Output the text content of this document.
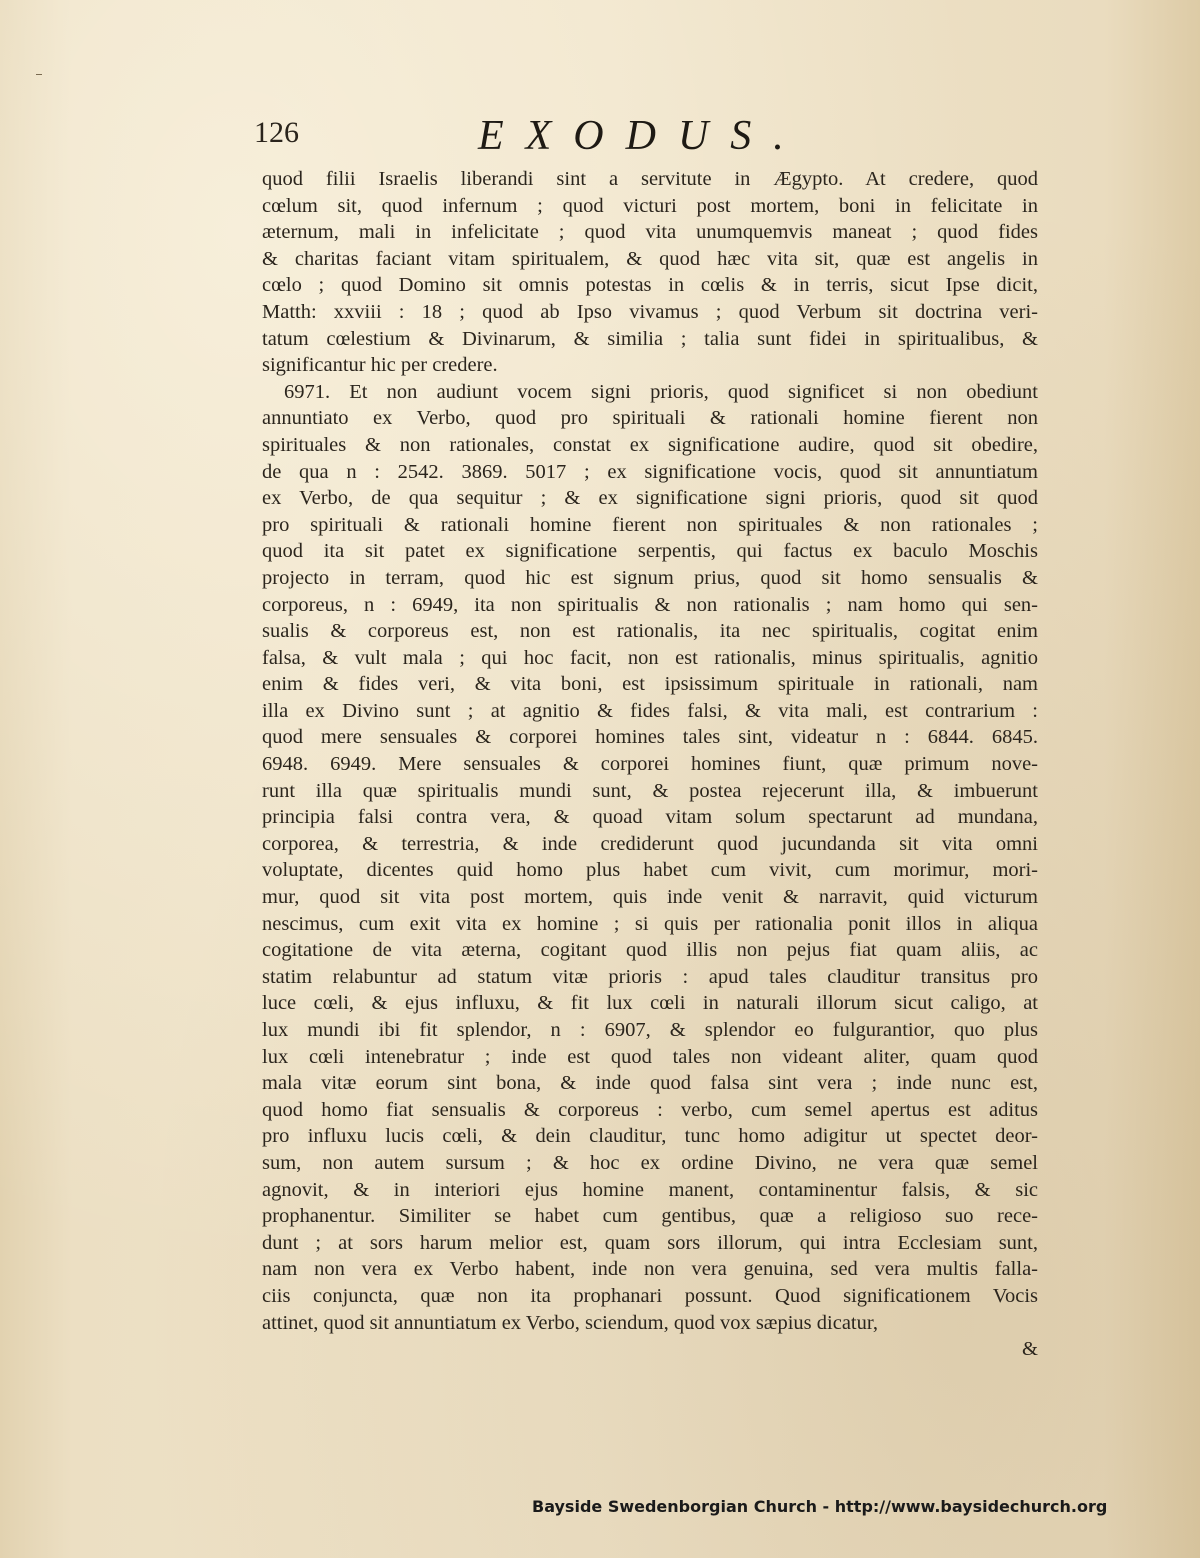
126	EXODUS.
quod filii Israelis liberandi sint a servitute in Ægypto. At credere, quod
cœlum sit, quod infernum ; quod victuri post mortem, boni in felicitate in
æternum, mali in infelicitate ; quod vita unumquemvis maneat ; quod fides
& charitas faciant vitam spiritualem, & quod hæc vita sit, quæ est angelis in
cœlo ; quod Domino sit omnis potestas in cœlis & in terris, sicut Ipse dicit,
Matth: xxviii : 18 ; quod ab Ipso vivamus ; quod Verbum sit doctrina veri-
tatum cœlestium & Divinarum, & similia ; talia sunt fidei in spiritualibus, &
significantur hic per credere.
6971. Et non audiunt vocem signi prioris, quod significet si non obediunt
annuntiato ex Verbo, quod pro spirituali & rationali homine fierent non
spirituales & non rationales, constat ex significatione audire, quod sit obedire,
de qua n : 2542. 3869. 5017 ; ex significatione vocis, quod sit annuntiatum
ex Verbo, de qua sequitur ; & ex significatione signi prioris, quod sit quod
pro spirituali & rationali homine fierent non spirituales & non rationales ;
quod ita sit patet ex significatione serpentis, qui factus ex baculo Moschis
projecto in terram, quod hic est signum prius, quod sit homo sensualis &
corporeus, n : 6949, ita non spiritualis & non rationalis ; nam homo qui sen-
sualis & corporeus est, non est rationalis, ita nec spiritualis, cogitat enim
falsa, & vult mala ; qui hoc facit, non est rationalis, minus spiritualis, agnitio
enim & fides veri, & vita boni, est ipsissimum spirituale in rationali, nam
illa ex Divino sunt ; at agnitio & fides falsi, & vita mali, est contrarium :
quod mere sensuales & corporei homines tales sint, videatur n : 6844. 6845.
6948. 6949. Mere sensuales & corporei homines fiunt, quæ primum nove-
runt illa quæ spiritualis mundi sunt, & postea rejecerunt illa, & imbuerunt
principia falsi contra vera, & quoad vitam solum spectarunt ad mundana,
corporea, & terrestria, & inde crediderunt quod jucundanda sit vita omni
voluptate, dicentes quid homo plus habet cum vivit, cum morimur, mori-
mur, quod sit vita post mortem, quis inde venit & narravit, quid victurum
nescimus, cum exit vita ex homine ; si quis per rationalia ponit illos in aliqua
cogitatione de vita æterna, cogitant quod illis non pejus fiat quam aliis, ac
statim relabuntur ad statum vitæ prioris : apud tales clauditur transitus pro
luce cœli, & ejus influxu, & fit lux cœli in naturali illorum sicut caligo, at
lux mundi ibi fit splendor, n : 6907, & splendor eo fulgurantior, quo plus
lux cœli intenebratur ; inde est quod tales non videant aliter, quam quod
mala vitæ eorum sint bona, & inde quod falsa sint vera ; inde nunc est,
quod homo fiat sensualis & corporeus : verbo, cum semel apertus est aditus
pro influxu lucis cœli, & dein clauditur, tunc homo adigitur ut spectet deor-
sum, non autem sursum ; & hoc ex ordine Divino, ne vera quæ semel
agnovit, & in interiori ejus homine manent, contaminentur falsis, & sic
prophanentur. Similiter se habet cum gentibus, quæ a religioso suo rece-
dunt ; at sors harum melior est, quam sors illorum, qui intra Ecclesiam sunt,
nam non vera ex Verbo habent, inde non vera genuina, sed vera multis falla-
ciis conjuncta, quæ non ita prophanari possunt. Quod significationem Vocis
attinet, quod sit annuntiatum ex Verbo, sciendum, quod vox sæpius dicatur,
&
Bayside Swedenborgian Church - http://www.baysidechurch.org
